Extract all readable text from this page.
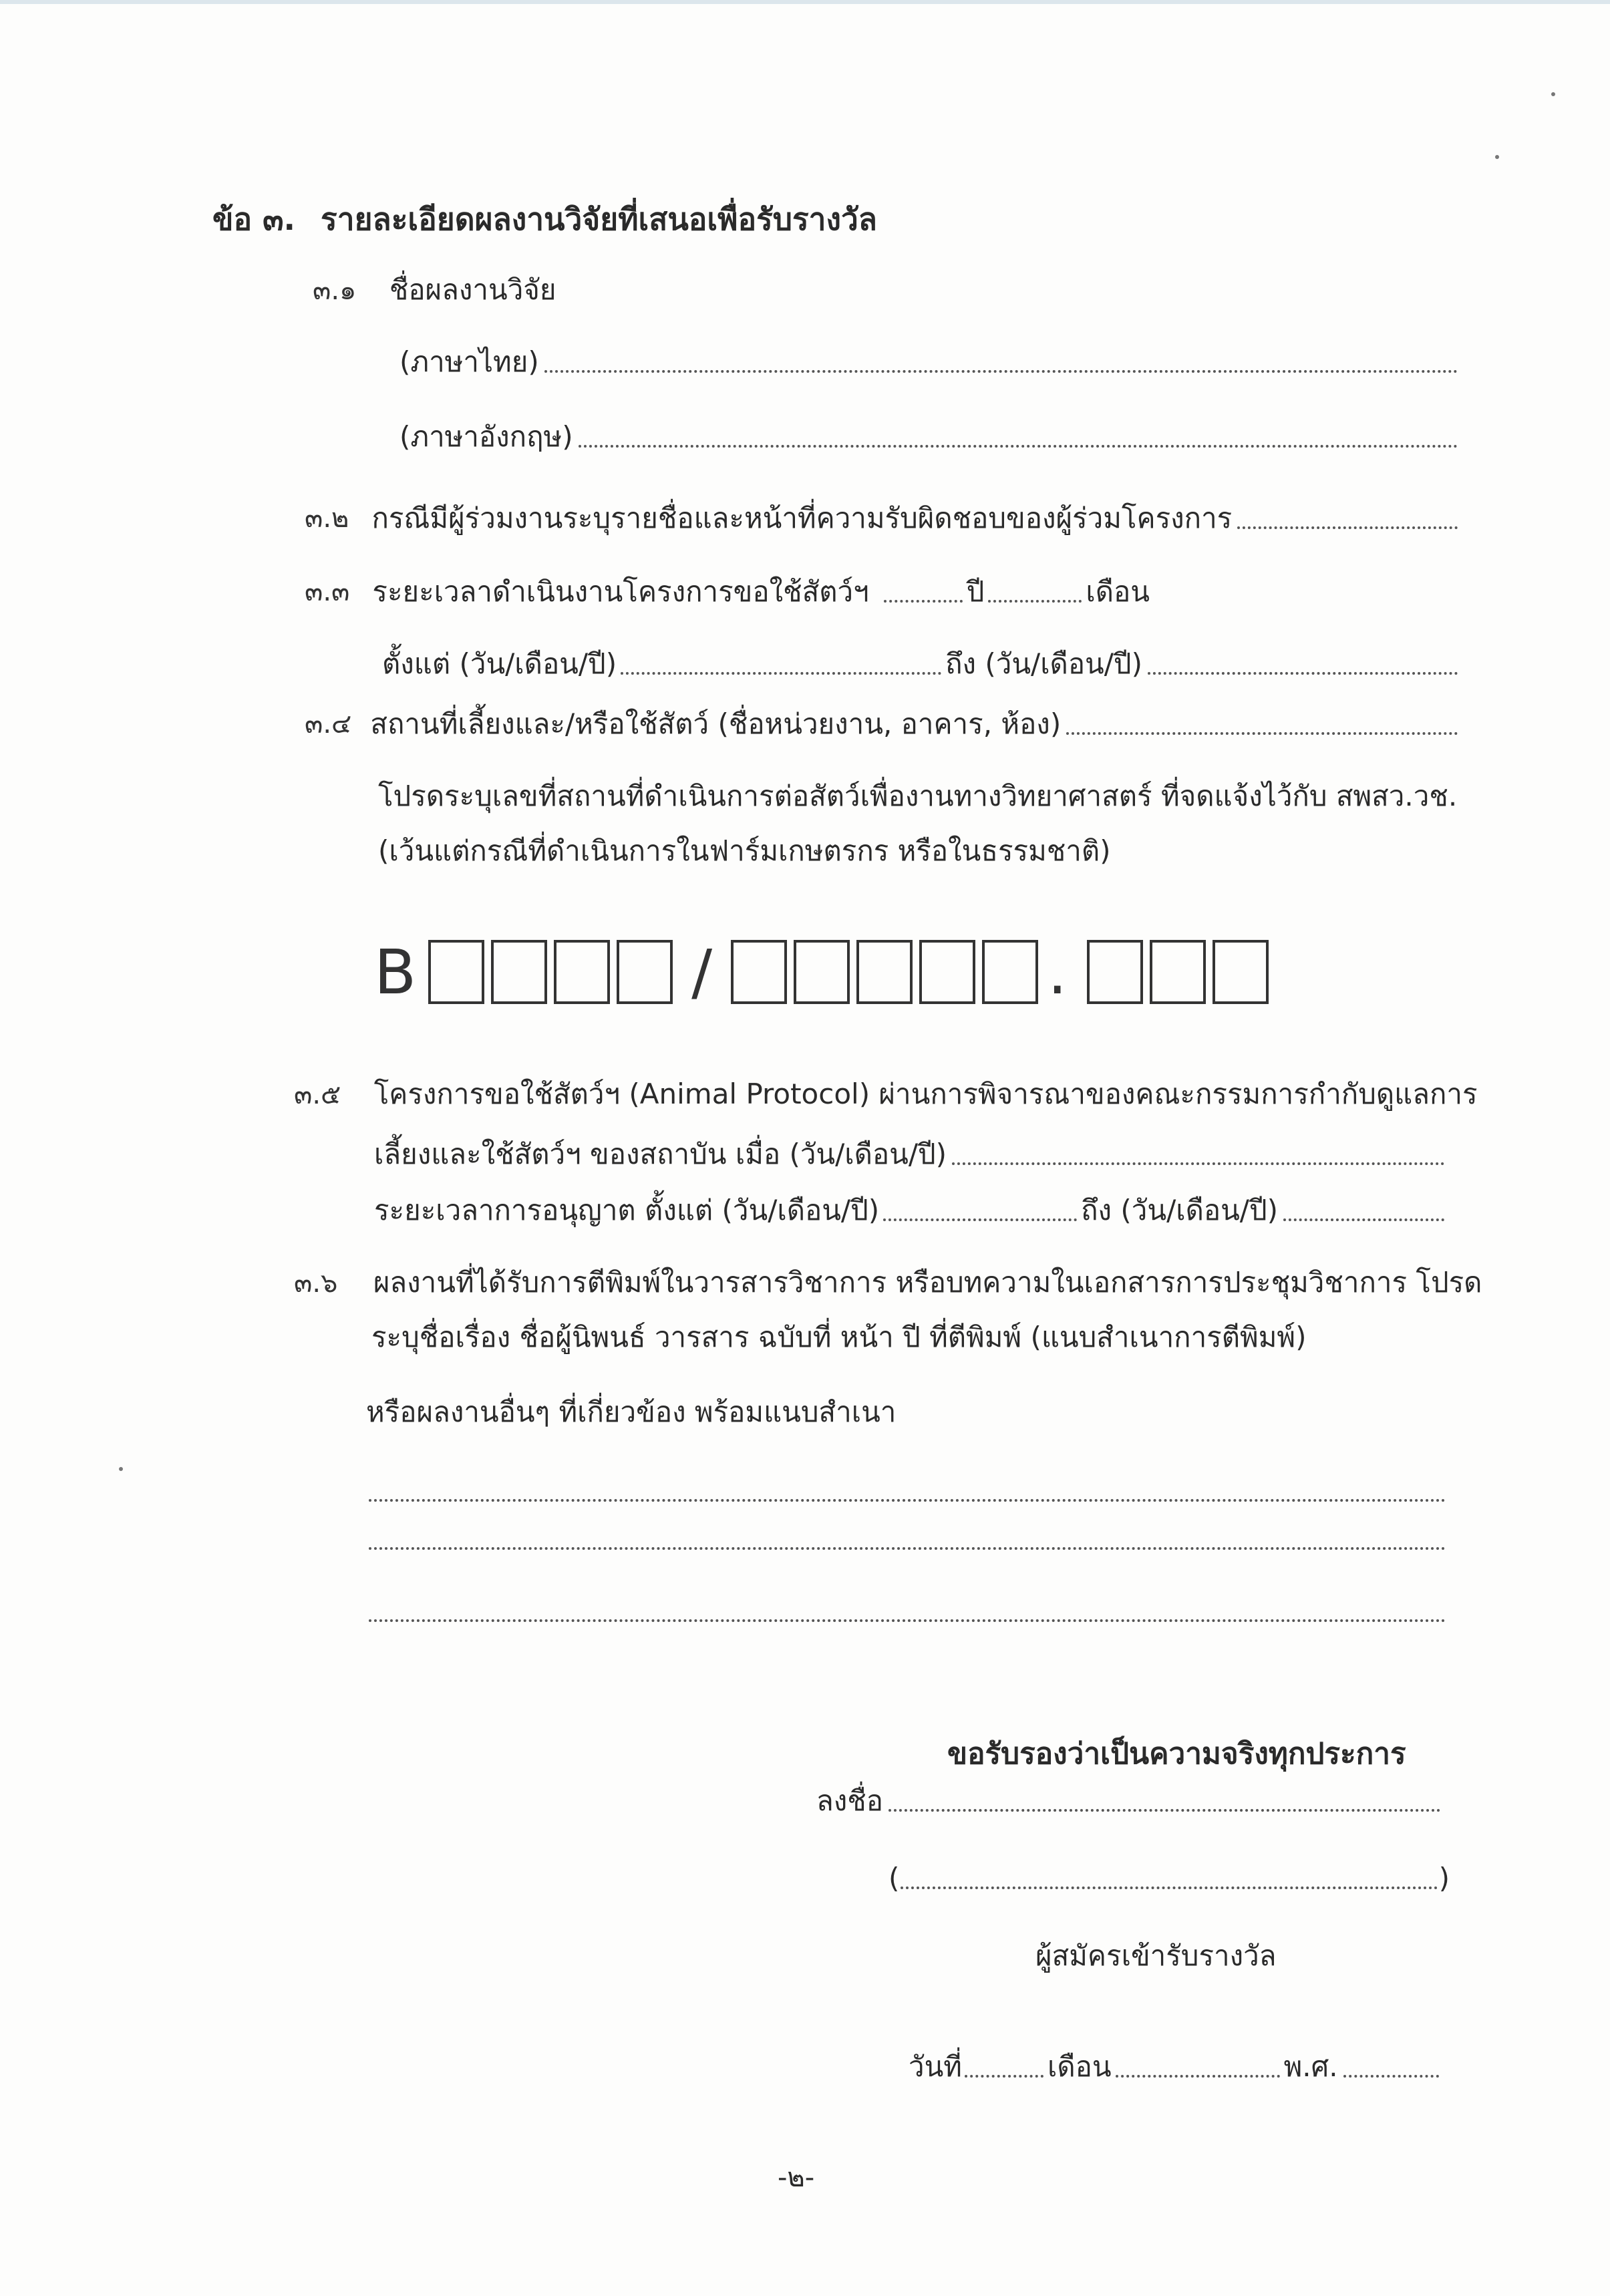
ข้อ ๓. รายละเอียดผลงานวิจัยที่เสนอเพื่อรับรางวัล
๓.๑ ชื่อผลงานวิจัย
(ภาษาไทย)
(ภาษาอังกฤษ)
๓.๒ กรณีมีผู้ร่วมงานระบุรายชื่อและหน้าที่ความรับผิดชอบของผู้ร่วมโครงการ
๓.๓ ระยะเวลาดำเนินงานโครงการขอใช้สัตว์ฯ	ปี	เดือน
ตั้งแต่ (วัน/เดือน/ปี)	ถึง (วัน/เดือน/ปี)
๓.๔ สถานที่เลี้ยงและ/หรือใช้สัตว์ (ชื่อหน่วยงาน, อาคาร, ห้อง)
โปรดระบุเลขที่สถานที่ดำเนินการต่อสัตว์เพื่องานทางวิทยาศาสตร์ ที่จดแจ้งไว้กับ สพสว.วช.
(เว้นแต่กรณีที่ดำเนินการในฟาร์มเกษตรกร หรือในธรรมชาติ)
B	/	.
๓.๕ โครงการขอใช้สัตว์ฯ (Animal Protocol) ผ่านการพิจารณาของคณะกรรมการกำกับดูแลการ
เลี้ยงและใช้สัตว์ฯ ของสถาบัน เมื่อ (วัน/เดือน/ปี)
ระยะเวลาการอนุญาต ตั้งแต่ (วัน/เดือน/ปี)	ถึง (วัน/เดือน/ปี)
๓.๖ ผลงานที่ได้รับการตีพิมพ์ในวารสารวิชาการ หรือบทความในเอกสารการประชุมวิชาการ โปรด
ระบุชื่อเรื่อง ชื่อผู้นิพนธ์ วารสาร ฉบับที่ หน้า ปี ที่ตีพิมพ์ (แนบสำเนาการตีพิมพ์)
หรือผลงานอื่นๆ ที่เกี่ยวข้อง พร้อมแนบสำเนา
ขอรับรองว่าเป็นความจริงทุกประการ
ลงชื่อ
(	)
ผู้สมัครเข้ารับรางวัล
วันที่	เดือน	พ.ศ.
-๒-
